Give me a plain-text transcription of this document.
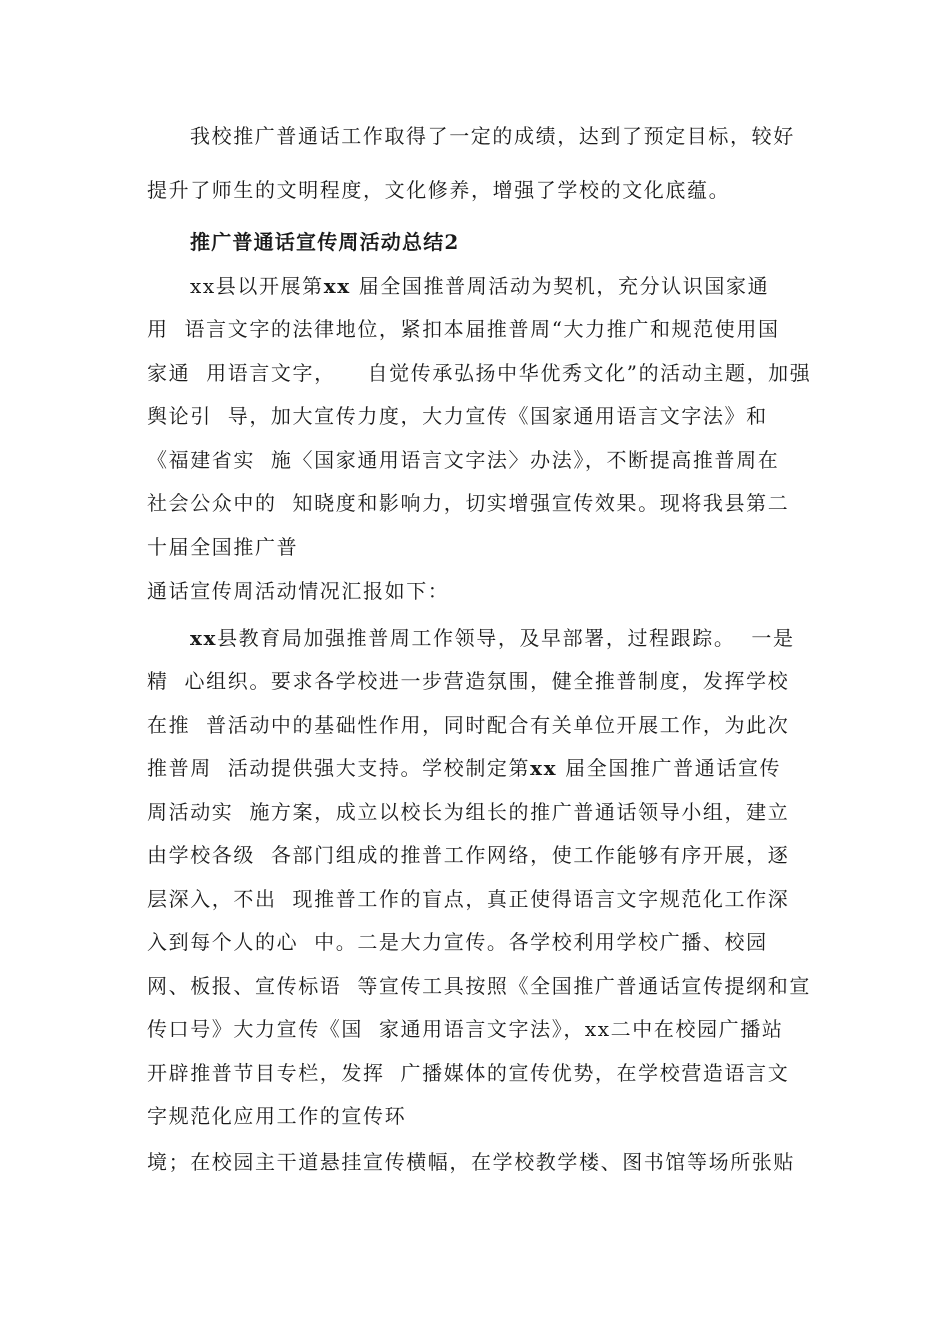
我校推广普通话工作取得了一定的成绩，达到了预定目标，较好
提升了师生的文明程度，文化修养，增强了学校的文化底蕴。
推广普通话宣传周活动总结2
xx县以开展第xx 届全国推普周活动为契机，充分认识国家通
用  语言文字的法律地位，紧扣本届推普周“大力推广和规范使用国
家通  用语言文字，    自觉传承弘扬中华优秀文化”的活动主题，加强
舆论引  导，加大宣传力度，大力宣传《国家通用语言文字法》和
《福建省实  施〈国家通用语言文字法〉办法》，不断提高推普周在
社会公众中的  知晓度和影响力，切实增强宣传效果。现将我县第二
十届全国推广普
通话宣传周活动情况汇报如下：
xx县教育局加强推普周工作领导，及早部署，过程跟踪。  一是
精  心组织。要求各学校进一步营造氛围，健全推普制度，发挥学校
在推  普活动中的基础性作用，同时配合有关单位开展工作，为此次
推普周  活动提供强大支持。学校制定第xx 届全国推广普通话宣传
周活动实  施方案，成立以校长为组长的推广普通话领导小组，建立
由学校各级  各部门组成的推普工作网络，使工作能够有序开展，逐
层深入，不出  现推普工作的盲点，真正使得语言文字规范化工作深
入到每个人的心  中。二是大力宣传。各学校利用学校广播、校园
网、板报、宣传标语  等宣传工具按照《全国推广普通话宣传提纲和宣
传口号》大力宣传《国  家通用语言文字法》，xx二中在校园广播站
开辟推普节目专栏，发挥  广播媒体的宣传优势，在学校营造语言文
字规范化应用工作的宣传环
境；在校园主干道悬挂宣传横幅，在学校教学楼、图书馆等场所张贴
